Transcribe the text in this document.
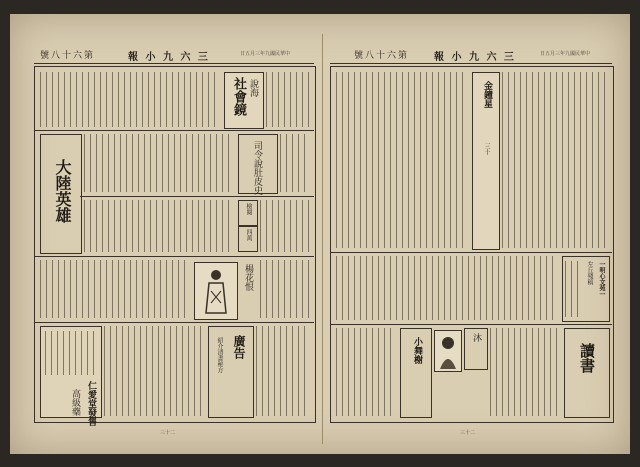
號八十六第	報 小 九 六 三	日五月三年九國民華中
說海
社會鏡
大陸英雄	司令說肚皮史
檢閱
四萬
楊花恨
仁愛堂發售
高級藥
廣告
紹介清書秘方
三十二
號八十六第 報 小 九 六 三	日五月三年九國民華中
金鐘星
三十
一明心文苑一
左丘殘稿
小舞榭	沐
讀書
三十二
